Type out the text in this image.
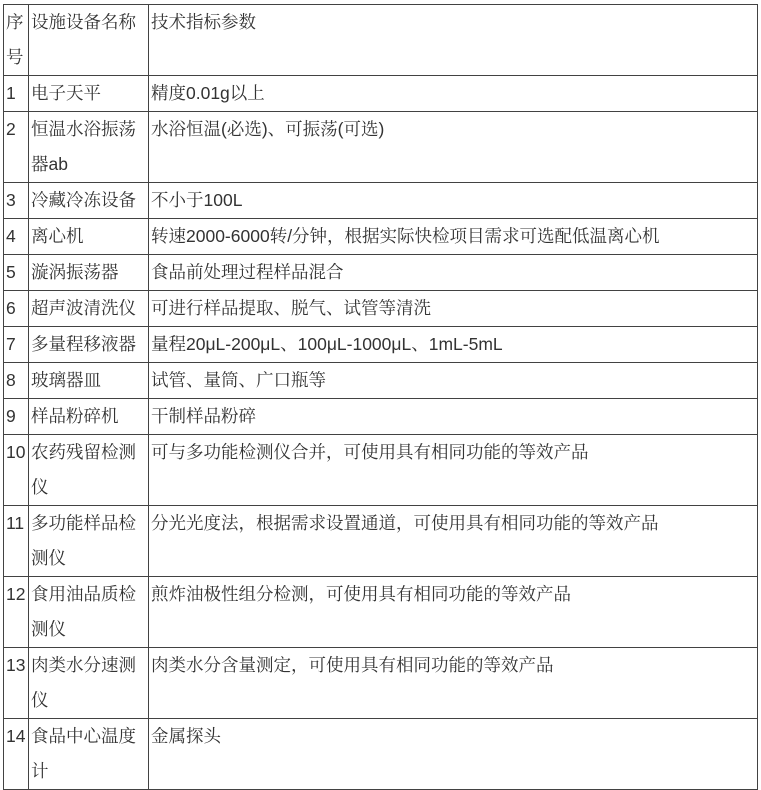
序号	设施设备名称	技术指标参数
1	电子天平	精度0.01g以上
2	恒温水浴振荡器ab	水浴恒温(必选)、可振荡(可选)
3	冷藏冷冻设备	不小于100L
4	离心机	转速2000-6000转/分钟，根据实际快检项目需求可选配低温离心机
5	漩涡振荡器	食品前处理过程样品混合
6	超声波清洗仪	可进行样品提取、脱气、试管等清洗
7	多量程移液器	量程20μL-200μL、100μL-1000μL、1mL-5mL
8	玻璃器皿	试管、量筒、广口瓶等
9	样品粉碎机	干制样品粉碎
10	农药残留检测仪	可与多功能检测仪合并，可使用具有相同功能的等效产品
11	多功能样品检测仪	分光光度法，根据需求设置通道，可使用具有相同功能的等效产品
12	食用油品质检测仪	煎炸油极性组分检测，可使用具有相同功能的等效产品
13	肉类水分速测仪	肉类水分含量测定，可使用具有相同功能的等效产品
14	食品中心温度计	金属探头
